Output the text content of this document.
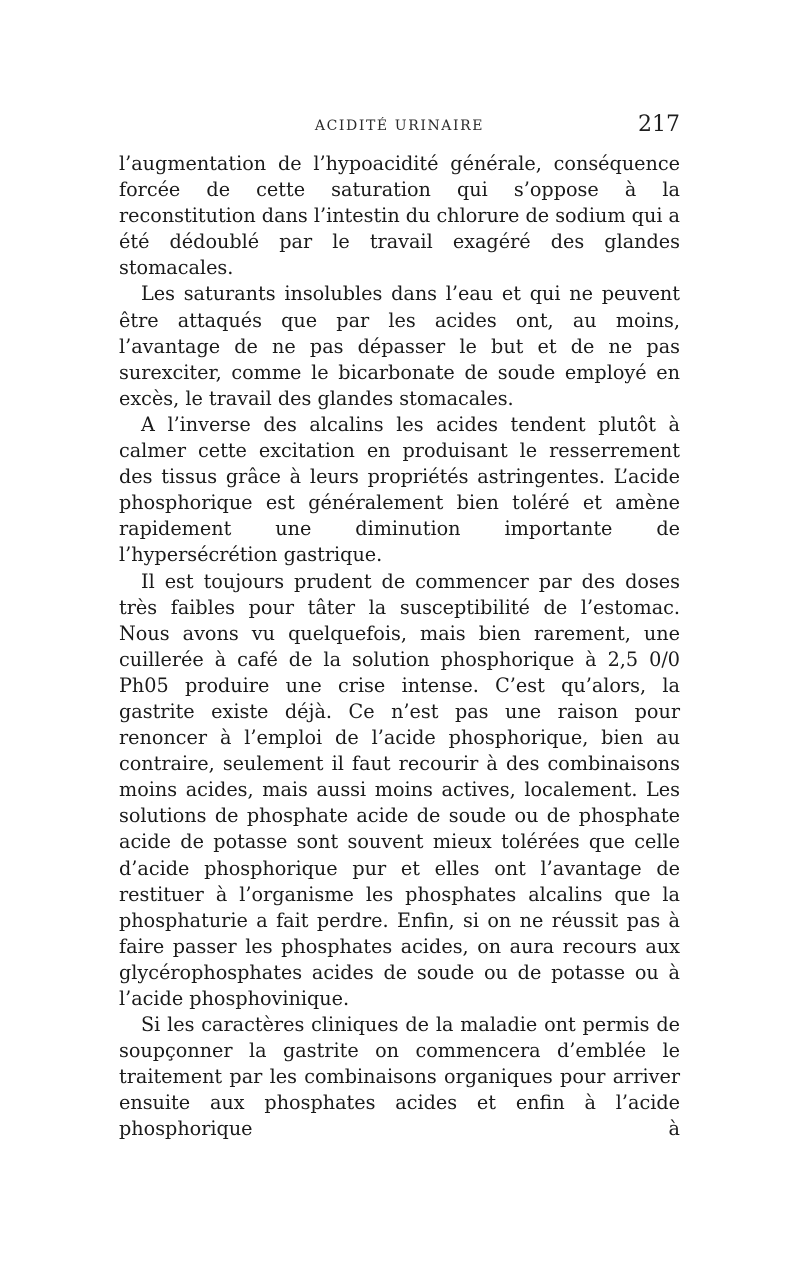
ACIDITÉ URINAIRE	217

l’augmentation de l’hypoacidité générale, conséquence forcée de cette saturation qui s’oppose à la reconstitution dans l’intestin du chlorure de sodium qui a été dédoublé par le travail exagéré des glandes stomacales.

Les saturants insolubles dans l’eau et qui ne peuvent être attaqués que par les acides ont, au moins, l’avantage de ne pas dépasser le but et de ne pas surexciter, comme le bicarbonate de soude employé en excès, le travail des glandes stomacales.

A l’inverse des alcalins les acides tendent plutôt à calmer cette excitation en produisant le resserrement des tissus grâce à leurs propriétés astringentes. L’acide phosphorique est généralement bien toléré et amène rapidement une diminution importante de l’hypersécrétion gastrique.

Il est toujours prudent de commencer par des doses très faibles pour tâter la susceptibilité de l’estomac. Nous avons vu quelquefois, mais bien rarement, une cuillerée à café de la solution phosphorique à 2,5 0/0 Ph05 produire une crise intense. C’est qu’alors, la gastrite existe déjà. Ce n’est pas une raison pour renoncer à l’emploi de l’acide phosphorique, bien au contraire, seulement il faut recourir à des combinaisons moins acides, mais aussi moins actives, localement. Les solutions de phosphate acide de soude ou de phosphate acide de potasse sont souvent mieux tolérées que celle d’acide phosphorique pur et elles ont l’avantage de restituer à l’organisme les phosphates alcalins que la phosphaturie a fait perdre. Enfin, si on ne réussit pas à faire passer les phosphates acides, on aura recours aux glycérophosphates acides de soude ou de potasse ou à l’acide phosphovinique.

Si les caractères cliniques de la maladie ont permis de soupçonner la gastrite on commencera d’emblée le traitement par les combinaisons organiques pour arriver ensuite aux phosphates acides et enfin à l’acide phosphorique à
